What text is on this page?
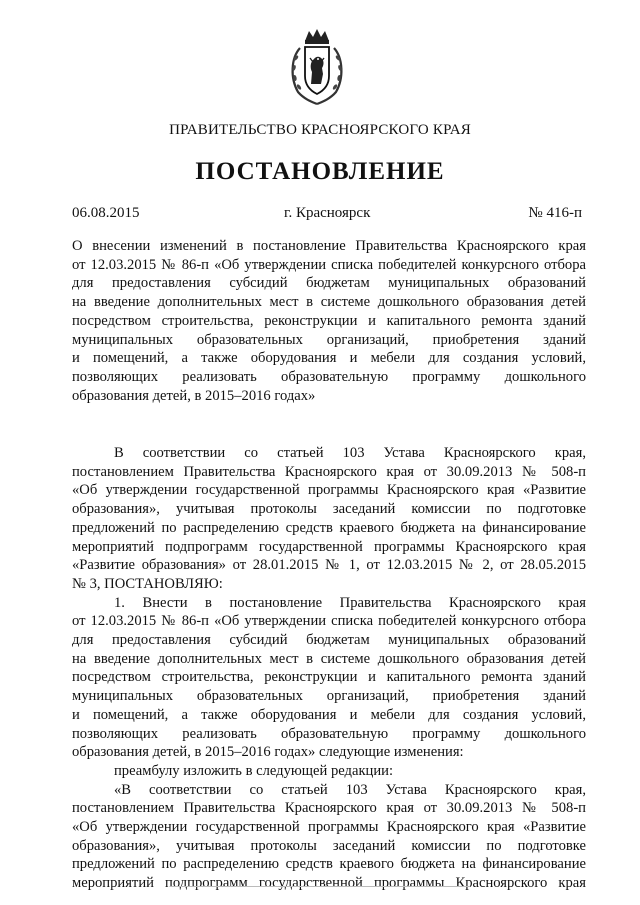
ПРАВИТЕЛЬСТВО КРАСНОЯРСКОГО КРАЯ
ПОСТАНОВЛЕНИЕ
06.08.2015	г. Красноярск	№ 416-п
О внесении изменений в постановление Правительства Красноярского края
от 12.03.2015 № 86-п «Об утверждении списка победителей конкурсного отбора
для предоставления субсидий бюджетам муниципальных образований
на введение дополнительных мест в системе дошкольного образования детей
посредством строительства, реконструкции и капитального ремонта зданий
муниципальных образовательных организаций, приобретения зданий
и помещений, а также оборудования и мебели для создания условий,
позволяющих реализовать образовательную программу дошкольного
образования детей, в 2015–2016 годах»
В соответствии со статьей 103 Устава Красноярского края,
постановлением Правительства Красноярского края от 30.09.2013 № 508-п
«Об утверждении государственной программы Красноярского края «Развитие
образования», учитывая протоколы заседаний комиссии по подготовке
предложений по распределению средств краевого бюджета на финансирование
мероприятий подпрограмм государственной программы Красноярского края
«Развитие образования» от 28.01.2015 № 1, от 12.03.2015 № 2, от 28.05.2015
№ 3, ПОСТАНОВЛЯЮ:
1. Внести в постановление Правительства Красноярского края
от 12.03.2015 № 86-п «Об утверждении списка победителей конкурсного отбора
для предоставления субсидий бюджетам муниципальных образований
на введение дополнительных мест в системе дошкольного образования детей
посредством строительства, реконструкции и капитального ремонта зданий
муниципальных образовательных организаций, приобретения зданий
и помещений, а также оборудования и мебели для создания условий,
позволяющих реализовать образовательную программу дошкольного
образования детей, в 2015–2016 годах» следующие изменения:
преамбулу изложить в следующей редакции:
«В соответствии со статьей 103 Устава Красноярского края,
постановлением Правительства Красноярского края от 30.09.2013 № 508-п
«Об утверждении государственной программы Красноярского края «Развитие
образования», учитывая протоколы заседаний комиссии по подготовке
предложений по распределению средств краевого бюджета на финансирование
мероприятий подпрограмм государственной программы Красноярского края
